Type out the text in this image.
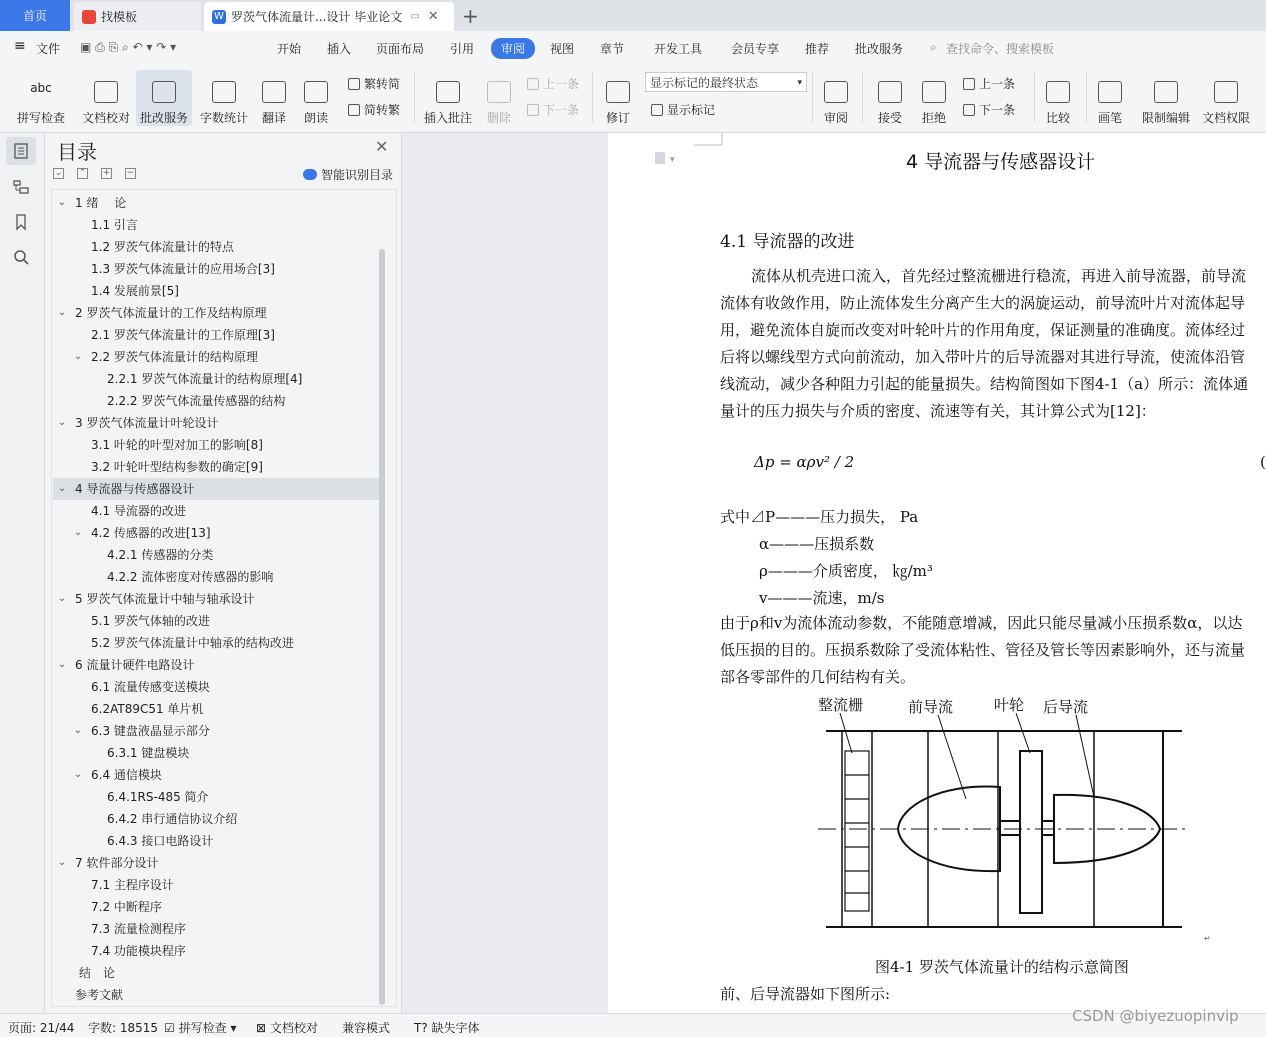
首页	找模板	W 罗茨气体流量计...设计 毕业论文 ▭ ✕ +
≡ 文件 ▣ ⎙ ⎘ ⌕ ↶ ▾ ↷ ▾	开始 插入 页面布局 引用	审阅	视图 章节 开发工具 会员专享 推荐 批改服务 ⌕ 查找命令、搜索模板
abc
拼写检查 文档校对 批改服务 字数统计 翻译 朗读
繁转简
简转繁
插入批注 删除
上一条
下一条
修订
显示标记的最终状态	▾
显示标记
审阅 接受 拒绝
上一条
下一条
比较 画笔 限制编辑 文档权限
目录	✕
⌄ ⌃ + −	智能识别目录
⌄ 1 绪　 论
1.1 引言
1.2 罗茨气体流量计的特点
1.3 罗茨气体流量计的应用场合[3]
1.4 发展前景[5]
⌄ 2 罗茨气体流量计的工作及结构原理
2.1 罗茨气体流量计的工作原理[3]
⌄ 2.2 罗茨气体流量计的结构原理
2.2.1 罗茨气体流量计的结构原理[4]
2.2.2 罗茨气体流量传感器的结构
⌄ 3 罗茨气体流量计叶轮设计
3.1 叶轮的叶型对加工的影响[8]
3.2 叶轮叶型结构参数的确定[9]
⌄ 4 导流器与传感器设计
4.1 导流器的改进
⌄ 4.2 传感器的改进[13]
4.2.1 传感器的分类
4.2.2 流体密度对传感器的影响
⌄ 5 罗茨气体流量计中轴与轴承设计
5.1 罗茨气体轴的改进
5.2 罗茨气体流量计中轴承的结构改进
⌄ 6 流量计硬件电路设计
6.1 流量传感变送模块
6.2AT89C51 单片机
⌄ 6.3 键盘液晶显示部分
6.3.1 键盘模块
⌄ 6.4 通信模块
6.4.1RS-485 简介
6.4.2 串行通信协议介绍
6.4.3 接口电路设计
⌄ 7 软件部分设计
7.1 主程序设计
7.2 中断程序
7.3 流量检测程序
7.4 功能模块程序
结　论
参考文献
▾	4 导流器与传感器设计
4.1 导流器的改进
流体从机壳进口流入，首先经过整流栅进行稳流，再进入前导流器，前导流
流体有收敛作用，防止流体发生分离产生大的涡旋运动，前导流叶片对流体起导
用，避免流体自旋而改变对叶轮叶片的作用角度，保证测量的准确度。流体经过
后将以螺线型方式向前流动，加入带叶片的后导流器对其进行导流，使流体沿管
线流动，减少各种阻力引起的能量损失。结构简图如下图4-1（a）所示：流体通
量计的压力损失与介质的密度、流速等有关，其计算公式为[12]：
Δp = αρv² / 2	(
式中⊿P———压力损失， Pa
α———压损系数
ρ———介质密度， ㎏/m³
v———流速，m/s
由于ρ和v为流体流动参数，不能随意增减，因此只能尽量减小压损系数α，以达
低压损的目的。压损系数除了受流体粘性、管径及管长等因素影响外，还与流量
部各零部件的几何结构有关。
整流栅	前导流	叶轮 后导流
↵
图4-1 罗茨气体流量计的结构示意简图
前、后导流器如下图所示:
页面: 21/44 字数: 18515 ☑ 拼写检查 ▾ ⊠ 文档校对 兼容模式 T? 缺失字体
CSDN @biyezuopinvip
